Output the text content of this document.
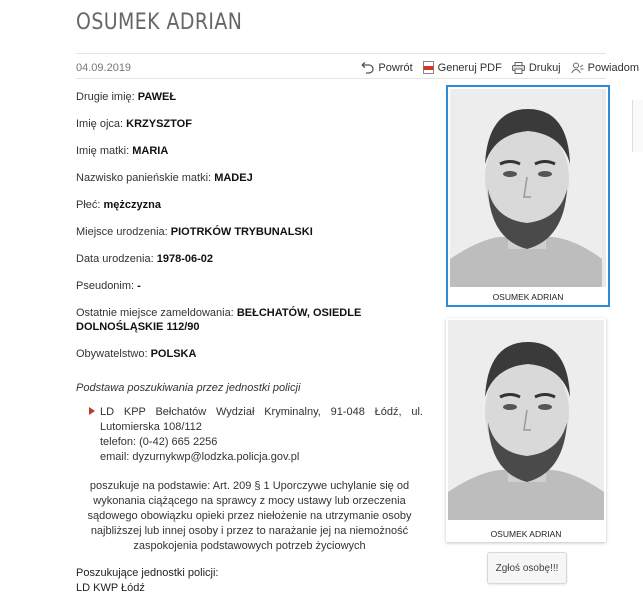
OSUMEK ADRIAN
04.09.2019	Powrót Generuj PDF Drukuj Powiadom
Drugie imię: PAWEŁ
Imię ojca: KRZYSZTOF
Imię matki: MARIA
Nazwisko panieńskie matki: MADEJ
Płeć: mężczyzna
Miejsce urodzenia: PIOTRKÓW TRYBUNALSKI
Data urodzenia: 1978-06-02
Pseudonim: -
Ostatnie miejsce zameldowania: BEŁCHATÓW, OSIEDLE DOLNOŚLĄSKIE 112/90
Obywatelstwo: POLSKA
Podstawa poszukiwania przez jednostki policji
LD KPP Bełchatów Wydział Kryminalny, 91-048 Łódź, ul. Lutomierska 108/112
telefon: (0-42) 665 2256
email: dyzurnykwp@lodzka.policja.gov.pl
poszukuje na podstawie: Art. 209 § 1 Uporczywe uchylanie się od wykonania ciążącego na sprawcy z mocy ustawy lub orzeczenia sądowego obowiązku opieki przez niełożenie na utrzymanie osoby najbliższej lub innej osoby i przez to narażanie jej na niemożność zaspokojenia podstawowych potrzeb życiowych
Poszukujące jednostki policji:
LD KWP Łódź
OSUMEK ADRIAN
OSUMEK ADRIAN
Zgłoś osobę!!!
